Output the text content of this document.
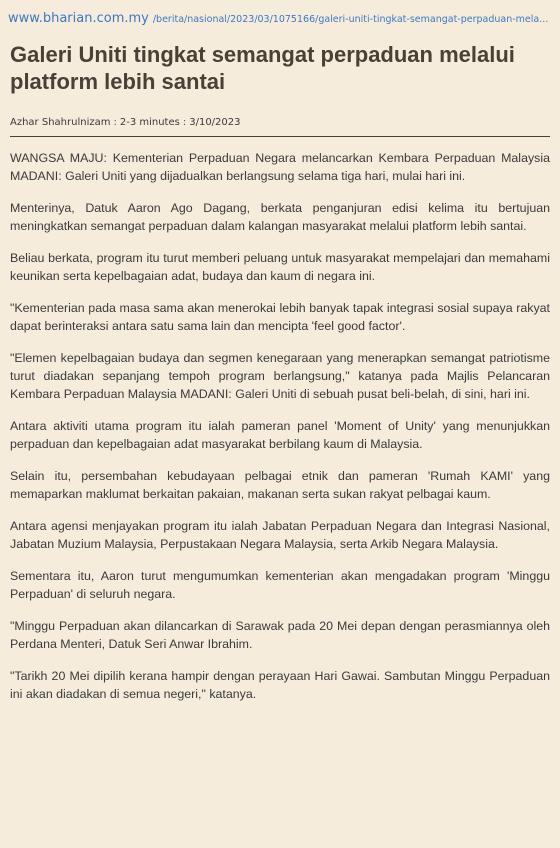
www.bharian.com.my /berita/nasional/2023/03/1075166/galeri-uniti-tingkat-semangat-perpaduan-mela...
Galeri Uniti tingkat semangat perpaduan melalui platform lebih santai
Azhar Shahrulnizam : 2-3 minutes : 3/10/2023

WANGSA MAJU: Kementerian Perpaduan Negara melancarkan Kembara Perpaduan Malaysia MADANI: Galeri Uniti yang dijadualkan berlangsung selama tiga hari, mulai hari ini.

Menterinya, Datuk Aaron Ago Dagang, berkata penganjuran edisi kelima itu bertujuan meningkatkan semangat perpaduan dalam kalangan masyarakat melalui platform lebih santai.

Beliau berkata, program itu turut memberi peluang untuk masyarakat mempelajari dan memahami keunikan serta kepelbagaian adat, budaya dan kaum di negara ini.

"Kementerian pada masa sama akan menerokai lebih banyak tapak integrasi sosial supaya rakyat dapat berinteraksi antara satu sama lain dan mencipta 'feel good factor'.

"Elemen kepelbagaian budaya dan segmen kenegaraan yang menerapkan semangat patriotisme turut diadakan sepanjang tempoh program berlangsung," katanya pada Majlis Pelancaran Kembara Perpaduan Malaysia MADANI: Galeri Uniti di sebuah pusat beli-belah, di sini, hari ini.

Antara aktiviti utama program itu ialah pameran panel 'Moment of Unity' yang menunjukkan perpaduan dan kepelbagaian adat masyarakat berbilang kaum di Malaysia.

Selain itu, persembahan kebudayaan pelbagai etnik dan pameran 'Rumah KAMI' yang memaparkan maklumat berkaitan pakaian, makanan serta sukan rakyat pelbagai kaum.

Antara agensi menjayakan program itu ialah Jabatan Perpaduan Negara dan Integrasi Nasional, Jabatan Muzium Malaysia, Perpustakaan Negara Malaysia, serta Arkib Negara Malaysia.

Sementara itu, Aaron turut mengumumkan kementerian akan mengadakan program 'Minggu Perpaduan' di seluruh negara.

"Minggu Perpaduan akan dilancarkan di Sarawak pada 20 Mei depan dengan perasmiannya oleh Perdana Menteri, Datuk Seri Anwar Ibrahim.

"Tarikh 20 Mei dipilih kerana hampir dengan perayaan Hari Gawai. Sambutan Minggu Perpaduan ini akan diadakan di semua negeri," katanya.
